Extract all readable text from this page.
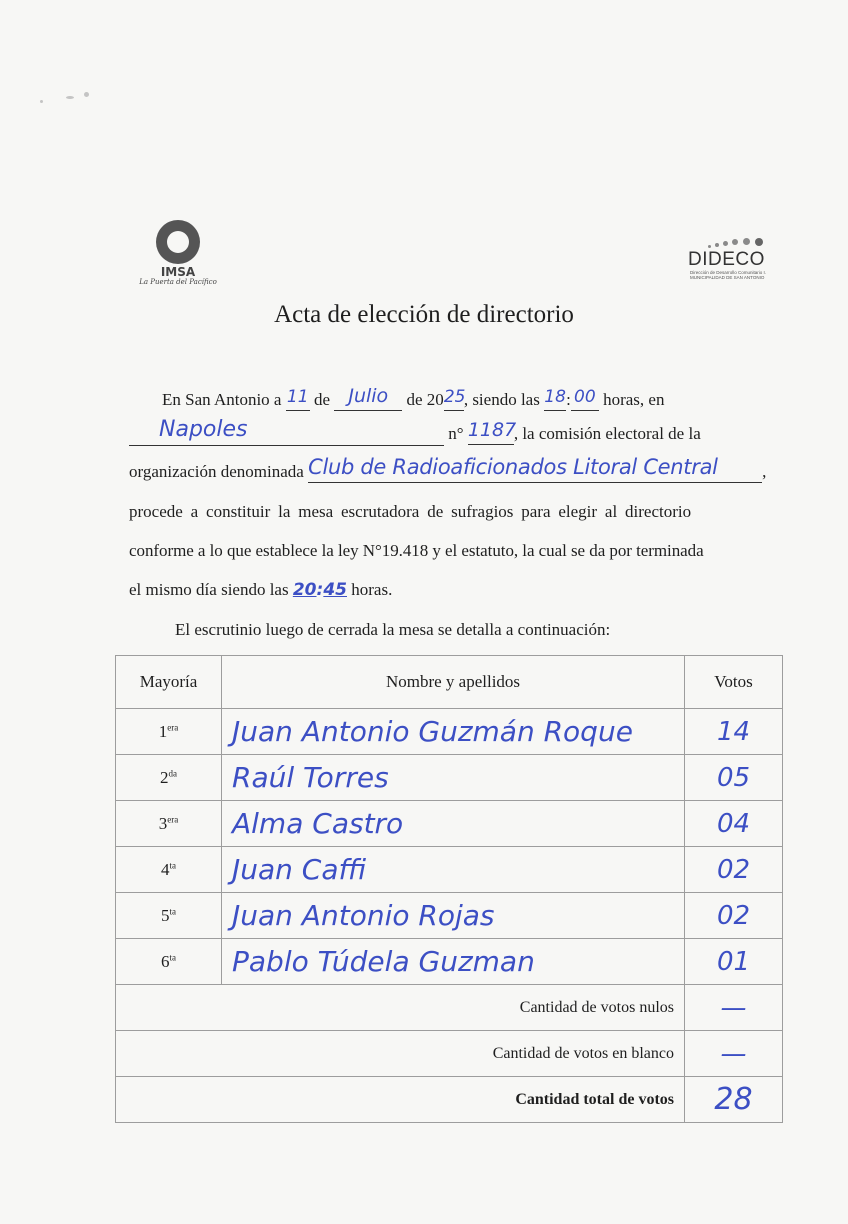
IMSA
La Puerta del Pacífico
DIDECO
Dirección de Desarrollo Comunitario I. MUNICIPALIDAD DE SAN ANTONIO
Acta de elección de directorio
En San Antonio a 11 de Julio de 2025, siendo las 18: 00 horas, en
Napoles	n° 1187, la comisión electoral de la
organización denominada Club de Radioaficionados Litoral Central	,
procede a constituir la mesa escrutadora de sufragios para elegir al directorio
conforme a lo que establece la ley N°19.418 y el estatuto, la cual se da por terminada
el mismo día siendo las 20:45 horas.
El escrutinio luego de cerrada la mesa se detalla a continuación:
Mayoría	Nombre y apellidos	Votos
$1^{era}$	Juan Antonio Guzmán Roque	14
$2^{da}$	Raúl Torres	05
$3^{era}$	Alma Castro	04
$4^{ta}$	Juan Caffi	02
$5^{ta}$	Juan Antonio Rojas	02
$6^{ta}$	Pablo Túdela Guzman	01
Cantidad de votos nulos		—
Cantidad de votos en blanco		—
Cantidad total de votos		28
